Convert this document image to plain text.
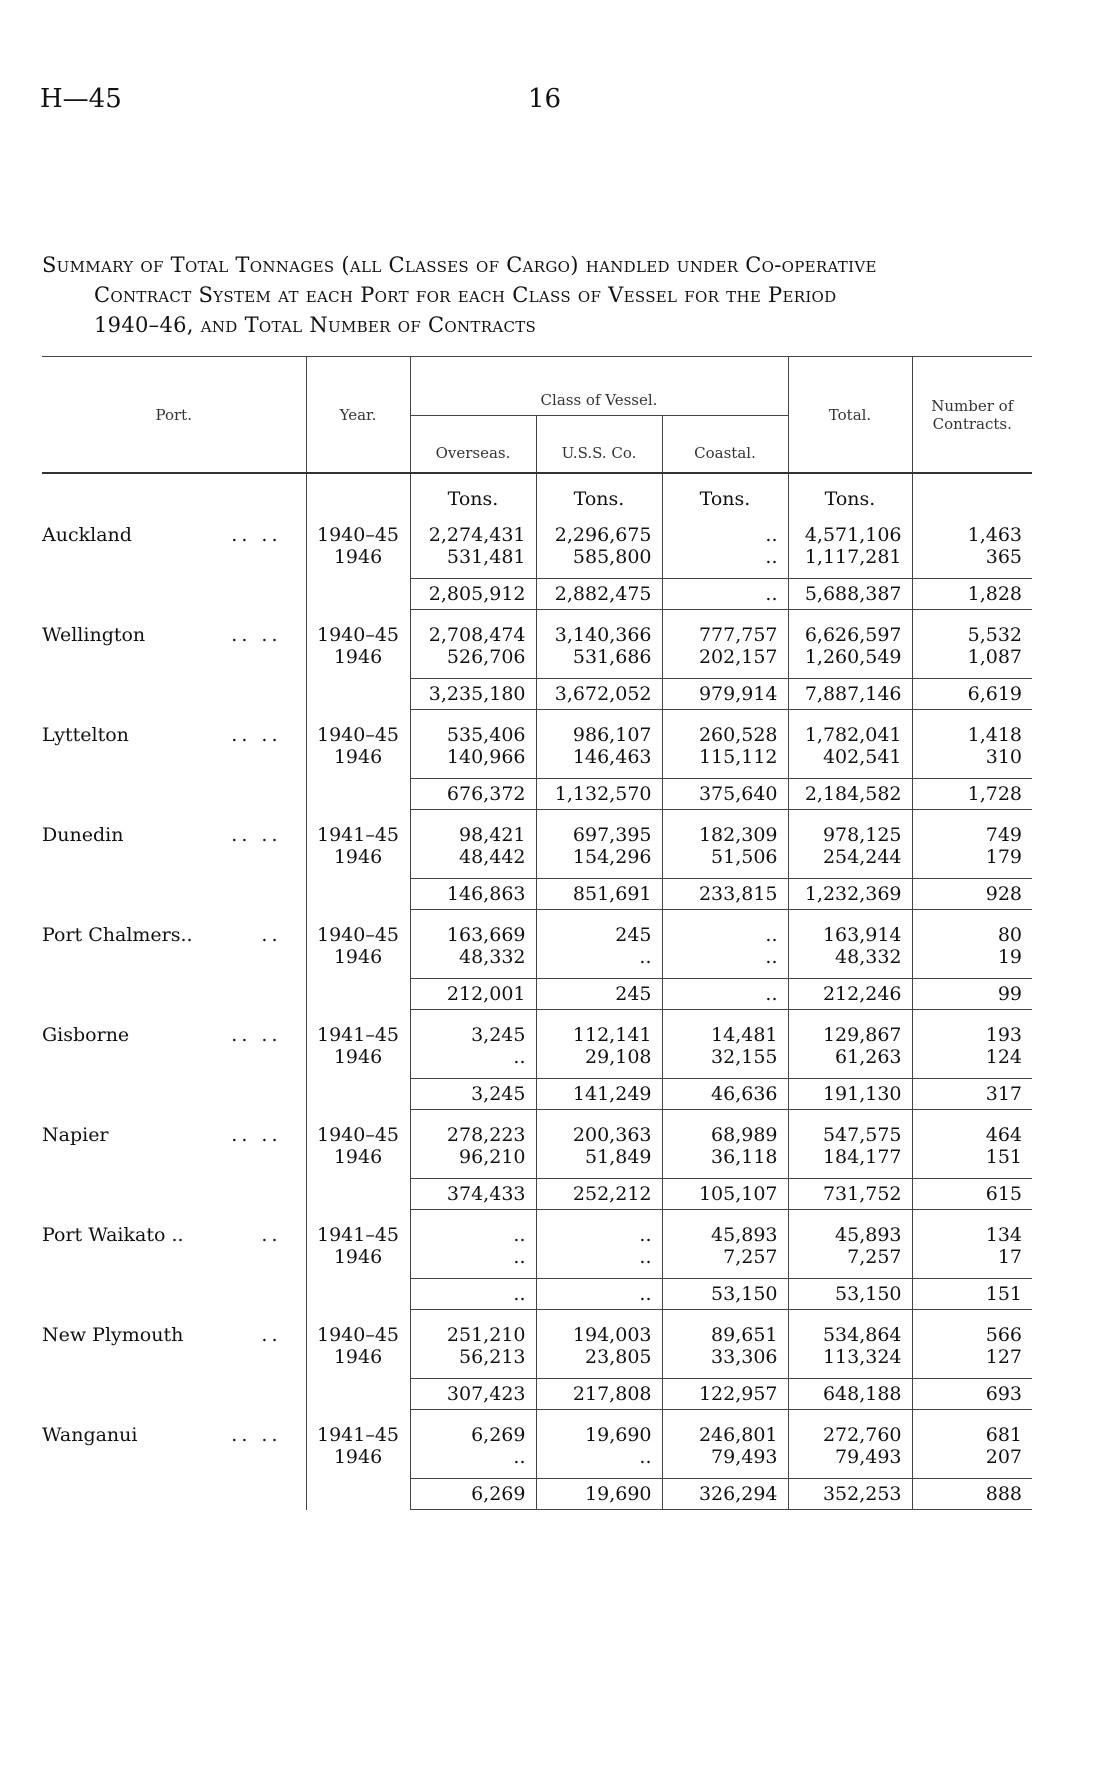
H—45	16
Summary of Total Tonnages (all Classes of Cargo) handled under Co-operative
Contract System at each Port for each Class of Vessel for the Period
1940–46, and Total Number of Contracts
Port.	Year.	Class of Vessel.			Total.	Number of Contracts.
		Overseas.	U.S.S. Co.	Coastal.		
		Tons.	Tons.	Tons.	Tons.	
Auckland .. ..	1940–45	2,274,431	2,296,675	..	4,571,106	1,463
	1946	531,481	585,800	..	1,117,281	365
		2,805,912	2,882,475	..	5,688,387	1,828
Wellington .. ..	1940–45	2,708,474	3,140,366	777,757	6,626,597	5,532
	1946	526,706	531,686	202,157	1,260,549	1,087
		3,235,180	3,672,052	979,914	7,887,146	6,619
Lyttelton .. ..	1940–45	535,406	986,107	260,528	1,782,041	1,418
	1946	140,966	146,463	115,112	402,541	310
		676,372	1,132,570	375,640	2,184,582	1,728
Dunedin .. ..	1941–45	98,421	697,395	182,309	978,125	749
	1946	48,442	154,296	51,506	254,244	179
		146,863	851,691	233,815	1,232,369	928
Port Chalmers.. ..	1940–45	163,669	245	..	163,914	80
	1946	48,332	..	..	48,332	19
		212,001	245	..	212,246	99
Gisborne .. ..	1941–45	3,245	112,141	14,481	129,867	193
	1946	..	29,108	32,155	61,263	124
		3,245	141,249	46,636	191,130	317
Napier .. ..	1940–45	278,223	200,363	68,989	547,575	464
	1946	96,210	51,849	36,118	184,177	151
		374,433	252,212	105,107	731,752	615
Port Waikato .. ..	1941–45	..	..	45,893	45,893	134
	1946	..	..	7,257	7,257	17
		..	..	53,150	53,150	151
New Plymouth ..	1940–45	251,210	194,003	89,651	534,864	566
	1946	56,213	23,805	33,306	113,324	127
		307,423	217,808	122,957	648,188	693
Wanganui .. ..	1941–45	6,269	19,690	246,801	272,760	681
	1946	..	..	79,493	79,493	207
		6,269	19,690	326,294	352,253	888
